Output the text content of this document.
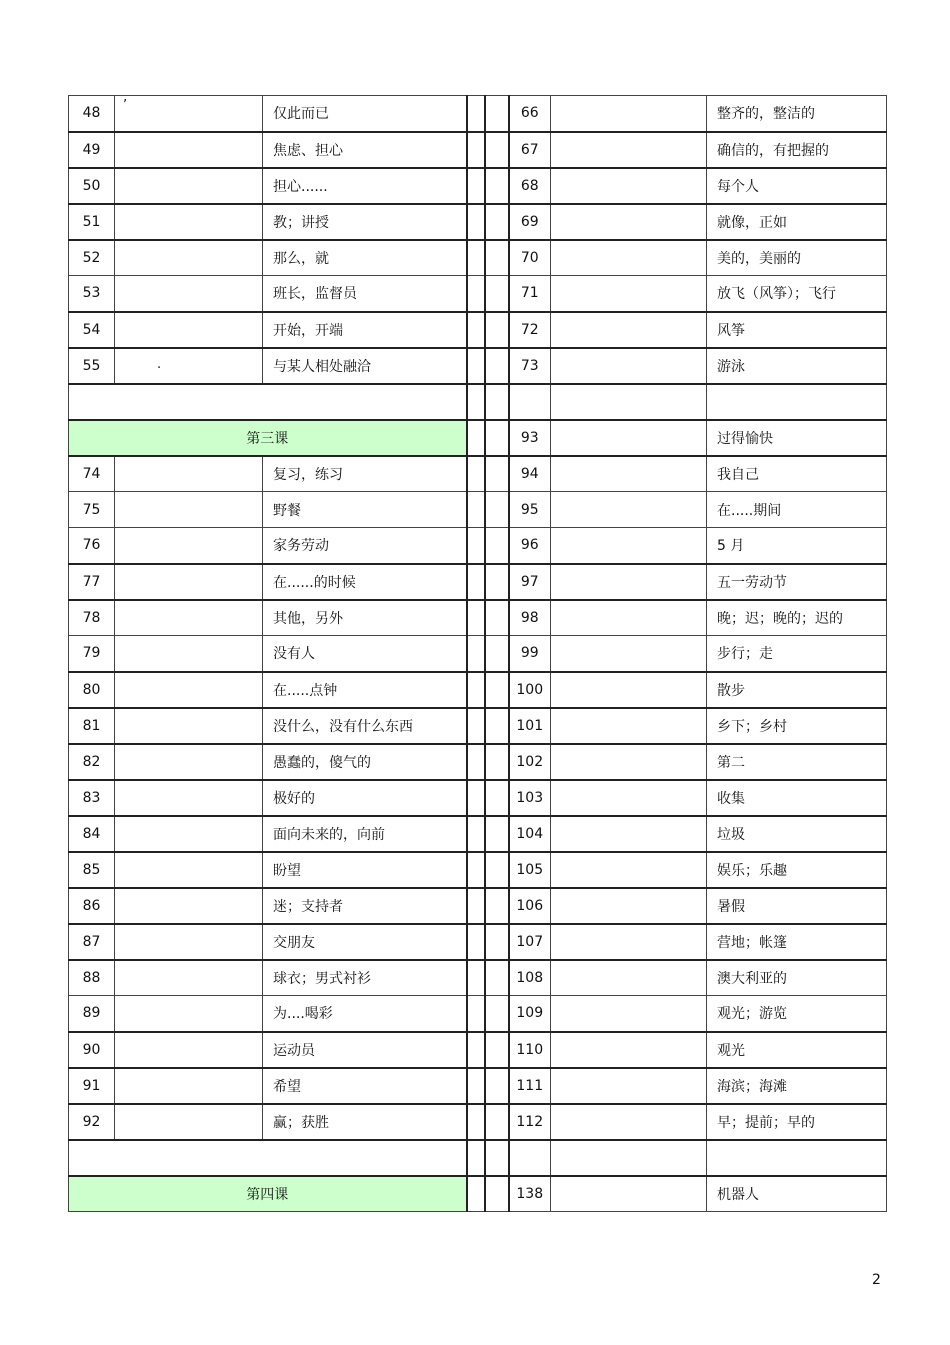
48	’	仅此而已			66		整齐的，整洁的
49		焦虑、担心			67		确信的，有把握的
50		担心......			68		每个人
51		教；讲授			69		就像，正如
52		那么，就			70		美的，美丽的
53		班长，监督员			71		放飞（风筝）；飞行
54		开始，开端			72		风筝
55	.	与某人相处融洽			73		游泳

第三课					93		过得愉快
74		复习，练习			94		我自己
75		野餐			95		在.....期间
76		家务劳动			96		5 月
77		在......的时候			97		五一劳动节
78		其他，另外			98		晚；迟；晚的；迟的
79		没有人			99		步行；走
80		在.....点钟			100		散步
81		没什么，没有什么东西			101		乡下；乡村
82		愚蠢的，傻气的			102		第二
83		极好的			103		收集
84		面向未来的，向前			104		垃圾
85		盼望			105		娱乐；乐趣
86		迷；支持者			106		暑假
87		交朋友			107		营地；帐篷
88		球衣；男式衬衫			108		澳大利亚的
89		为....喝彩			109		观光；游览
90		运动员			110		观光
91		希望			111		海滨；海滩
92		赢；获胜			112		早；提前；早的

第四课					138		机器人
2
